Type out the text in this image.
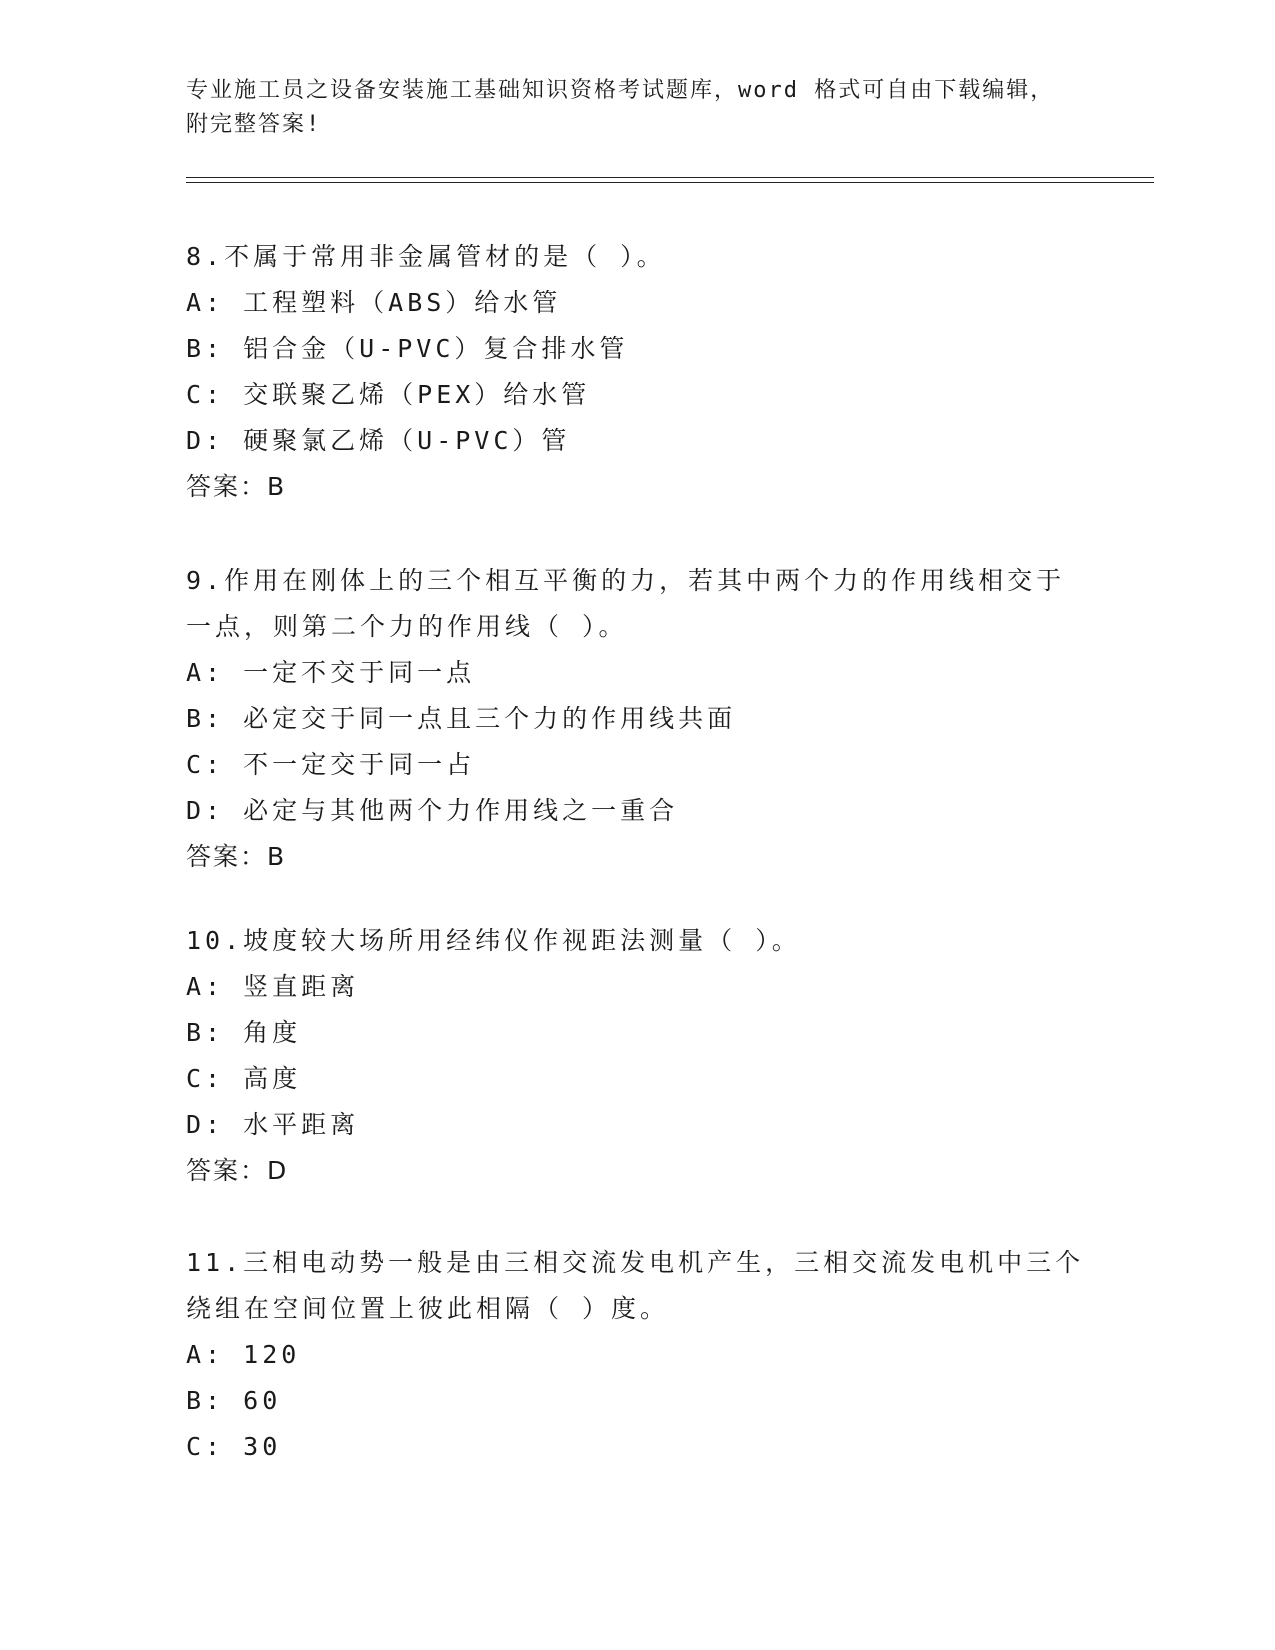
专业施工员之设备安装施工基础知识资格考试题库，word 格式可自由下载编辑，
附完整答案!
8.不属于常用非金属管材的是（ ）。
A: 工程塑料（ABS）给水管
B: 铝合金（U-PVC）复合排水管
C: 交联聚乙烯（PEX）给水管
D: 硬聚氯乙烯（U-PVC）管
答案：B
9.作用在刚体上的三个相互平衡的力，若其中两个力的作用线相交于
一点，则第二个力的作用线（ ）。
A: 一定不交于同一点
B: 必定交于同一点且三个力的作用线共面
C: 不一定交于同一占
D: 必定与其他两个力作用线之一重合
答案：B
10.坡度较大场所用经纬仪作视距法测量（ ）。
A: 竖直距离
B: 角度
C: 高度
D: 水平距离
答案：D
11.三相电动势一般是由三相交流发电机产生，三相交流发电机中三个
绕组在空间位置上彼此相隔（ ）度。
A: 120
B: 60
C: 30
